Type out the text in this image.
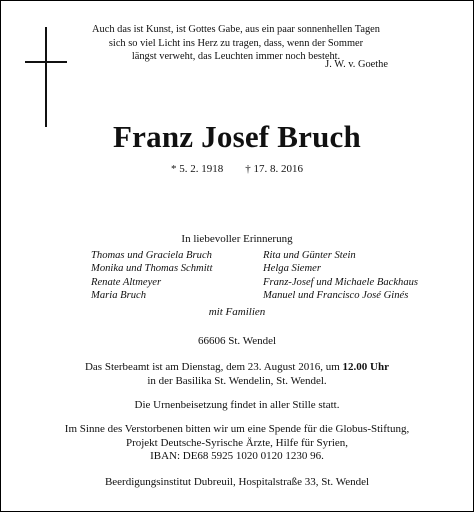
Auch das ist Kunst, ist Gottes Gabe, aus ein paar sonnenhellen Tagen
sich so viel Licht ins Herz zu tragen, dass, wenn der Sommer
längst verweht, das Leuchten immer noch besteht.
J. W. v. Goethe
Franz Josef Bruch
* 5. 2. 1918 † 17. 8. 2016
In liebevoller Erinnerung
Thomas und Graciela Bruch	Rita und Günter Stein
Monika und Thomas Schmitt	Helga Siemer
Renate Altmeyer	Franz-Josef und Michaele Backhaus
Maria Bruch	Manuel und Francisco José Ginés
mit Familien
66606 St. Wendel
Das Sterbeamt ist am Dienstag, dem 23. August 2016, um 12.00 Uhr
in der Basilika St. Wendelin, St. Wendel.
Die Urnenbeisetzung findet in aller Stille statt.
Im Sinne des Verstorbenen bitten wir um eine Spende für die Globus-Stiftung,
Projekt Deutsche-Syrische Ärzte, Hilfe für Syrien,
IBAN: DE68 5925 1020 0120 1230 96.
Beerdigungsinstitut Dubreuil, Hospitalstraße 33, St. Wendel
